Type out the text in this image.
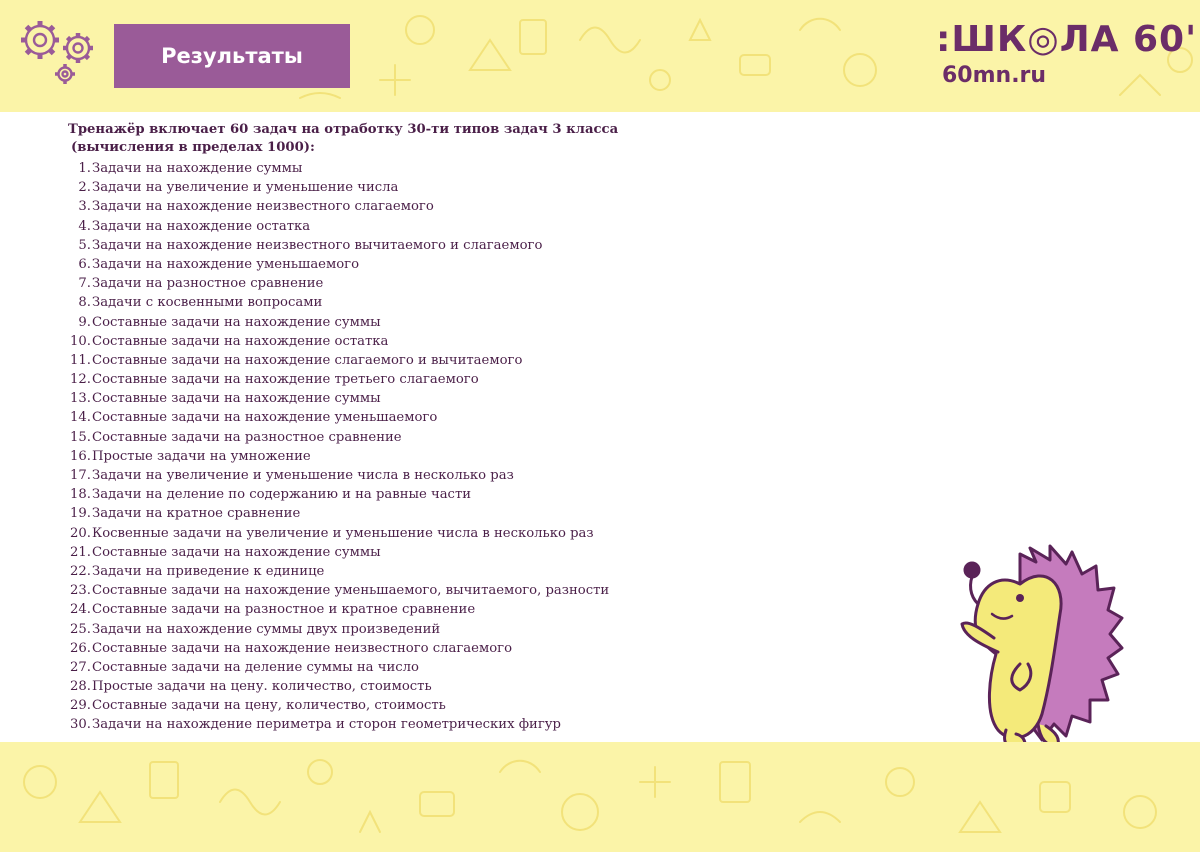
Результаты	:ШК◎ЛА 60'
60mn.ru

Тренажёр включает 60 задач на отработку 30-ти типов задач 3 класса
(вычисления в пределах 1000):

1. Задачи на нахождение суммы
2. Задачи на увеличение и уменьшение числа
3. Задачи на нахождение неизвестного слагаемого
4. Задачи на нахождение остатка
5. Задачи на нахождение неизвестного вычитаемого и слагаемого
6. Задачи на нахождение уменьшаемого
7. Задачи на разностное сравнение
8. Задачи с косвенными вопросами
9. Составные задачи на нахождение суммы
10. Составные задачи на нахождение остатка
11. Составные задачи на нахождение слагаемого и вычитаемого
12. Составные задачи на нахождение третьего слагаемого
13. Составные задачи на нахождение суммы
14. Составные задачи на нахождение уменьшаемого
15. Составные задачи на разностное сравнение
16. Простые задачи на умножение
17. Задачи на увеличение и уменьшение числа в несколько раз
18. Задачи на деление по содержанию и на равные части
19. Задачи на кратное сравнение
20. Косвенные задачи на увеличение и уменьшение числа в несколько раз
21. Составные задачи на нахождение суммы
22. Задачи на приведение к единице
23. Составные задачи на нахождение уменьшаемого, вычитаемого, разности
24. Составные задачи на разностное и кратное сравнение
25. Задачи на нахождение суммы двух произведений
26. Составные задачи на нахождение неизвестного слагаемого
27. Составные задачи на деление суммы на число
28. Простые задачи на цену. количество, стоимость
29. Составные задачи на цену, количество, стоимость
30. Задачи на нахождение периметра и сторон геометрических фигур
